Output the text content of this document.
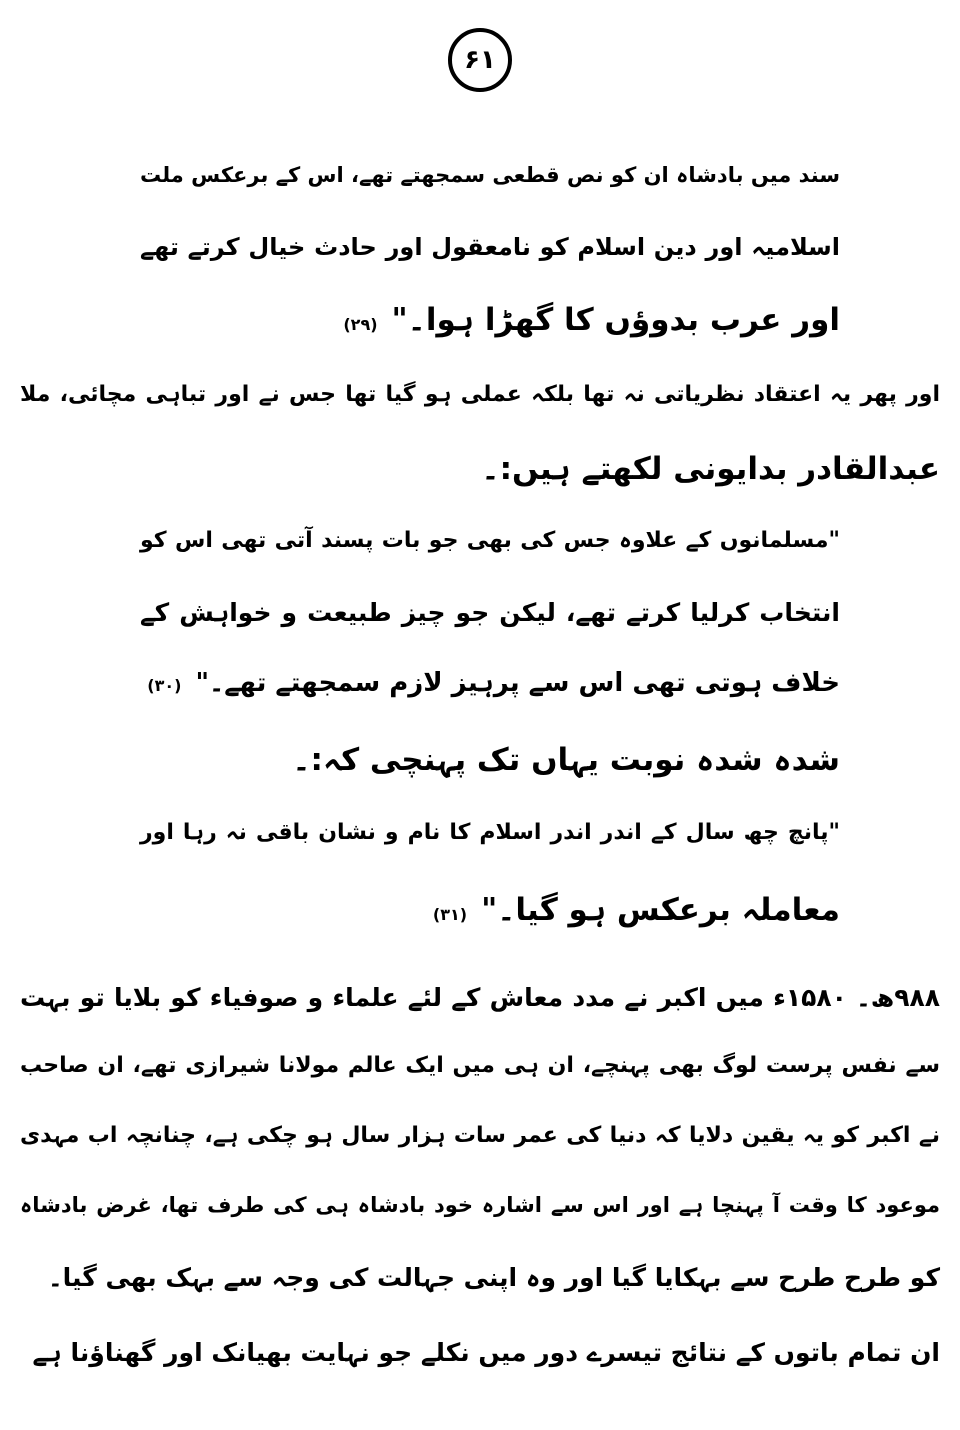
۶۱
سند میں بادشاہ ان کو نص قطعی سمجھتے تھے، اس کے برعکس ملت
اسلامیہ اور دین اسلام کو نامعقول اور حادث خیال کرتے تھے
اور عرب بدوؤں کا گھڑا ہوا۔"(۲۹)
اور پھر یہ اعتقاد نظریاتی نہ تھا بلکہ عملی ہو گیا تھا جس نے اور تباہی مچائی، ملا
عبدالقادر بدایونی لکھتے ہیں:۔
"مسلمانوں کے علاوہ جس کی بھی جو بات پسند آتی تھی اس کو
انتخاب کرلیا کرتے تھے، لیکن جو چیز طبیعت و خواہش کے
خلاف ہوتی تھی اس سے پرہیز لازم سمجھتے تھے۔"(۳۰)
شدہ شدہ نوبت یہاں تک پہنچی کہ:۔
"پانچ چھ سال کے اندر اندر اسلام کا نام و نشان باقی نہ رہا اور
معاملہ برعکس ہو گیا۔"(۳۱)
۹۸۸ھ۔ ۱۵۸۰ء میں اکبر نے مدد معاش کے لئے علماء و صوفیاء کو بلایا تو بہت
سے نفس پرست لوگ بھی پہنچے، ان ہی میں ایک عالم مولانا شیرازی تھے، ان صاحب
نے اکبر کو یہ یقین دلایا کہ دنیا کی عمر سات ہزار سال ہو چکی ہے، چنانچہ اب مہدی
موعود کا وقت آ پہنچا ہے اور اس سے اشارہ خود بادشاہ ہی کی طرف تھا، غرض بادشاہ
کو طرح طرح سے بہکایا گیا اور وہ اپنی جہالت کی وجہ سے بہک بھی گیا۔
ان تمام باتوں کے نتائج تیسرے دور میں نکلے جو نہایت بھیانک اور گھناؤنا ہے
